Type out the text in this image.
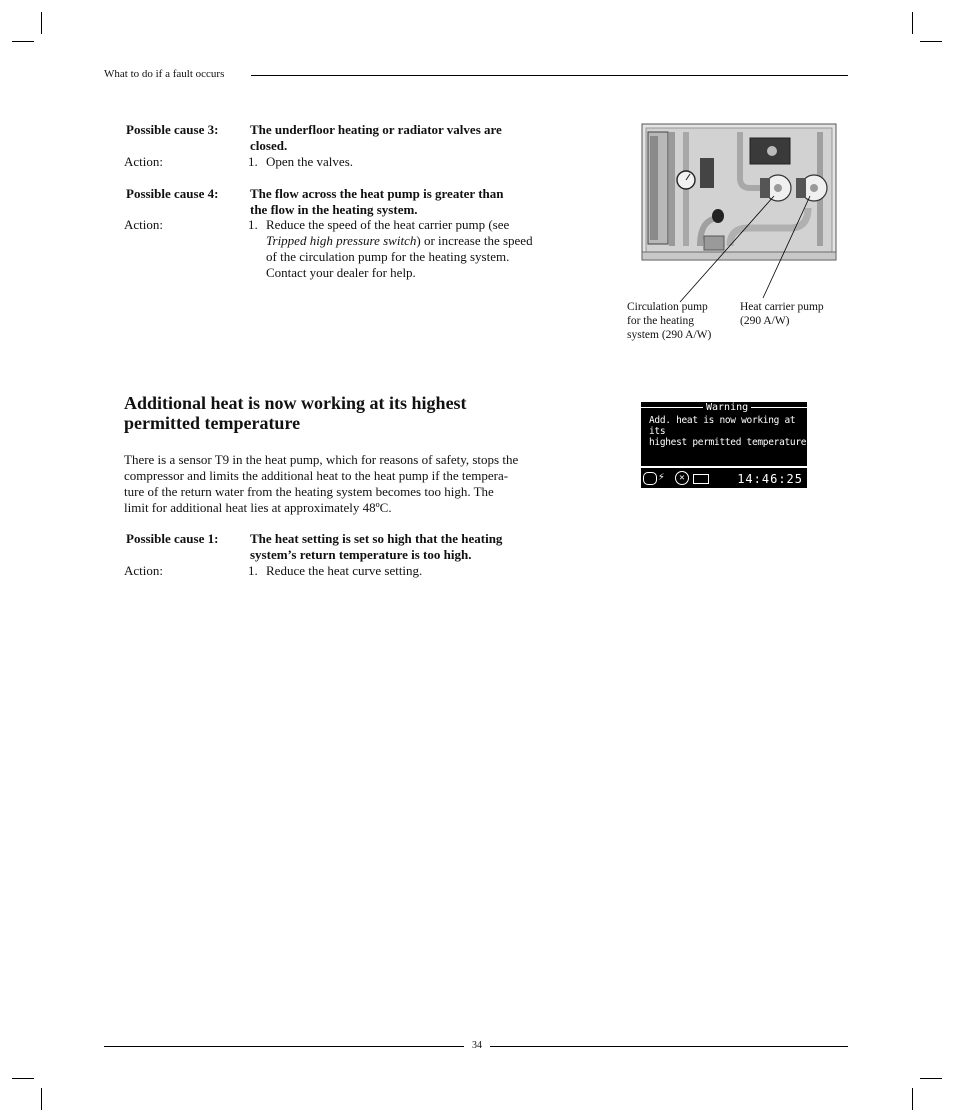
What to do if a fault occurs
Possible cause 3: The underfloor heating or radiator valves are
closed.
Action:	1. Open the valves.
Possible cause 4: The flow across the heat pump is greater than
the flow in the heating system.
Action:	1. Reduce the speed of the heat carrier pump (see
Tripped high pressure switch) or increase the speed
of the circulation pump for the heating system.
Contact your dealer for help.
Circulation pump
for the heating
system (290 A/W)
Heat carrier pump
(290 A/W)
Additional heat is now working at its highest
permitted temperature
There is a sensor T9 in the heat pump, which for reasons of safety, stops the
compressor and limits the additional heat to the heat pump if the tempera-
ture of the return water from the heating system becomes too high. The
limit for additional heat lies at approximately 48ºC.
Possible cause 1: The heat setting is set so high that the heating
system’s return temperature is too high.
Action:	1. Reduce the heat curve setting.
Warning
Add. heat is now working at its
highest permitted temperature
⚡	✕	14:46:25
34
